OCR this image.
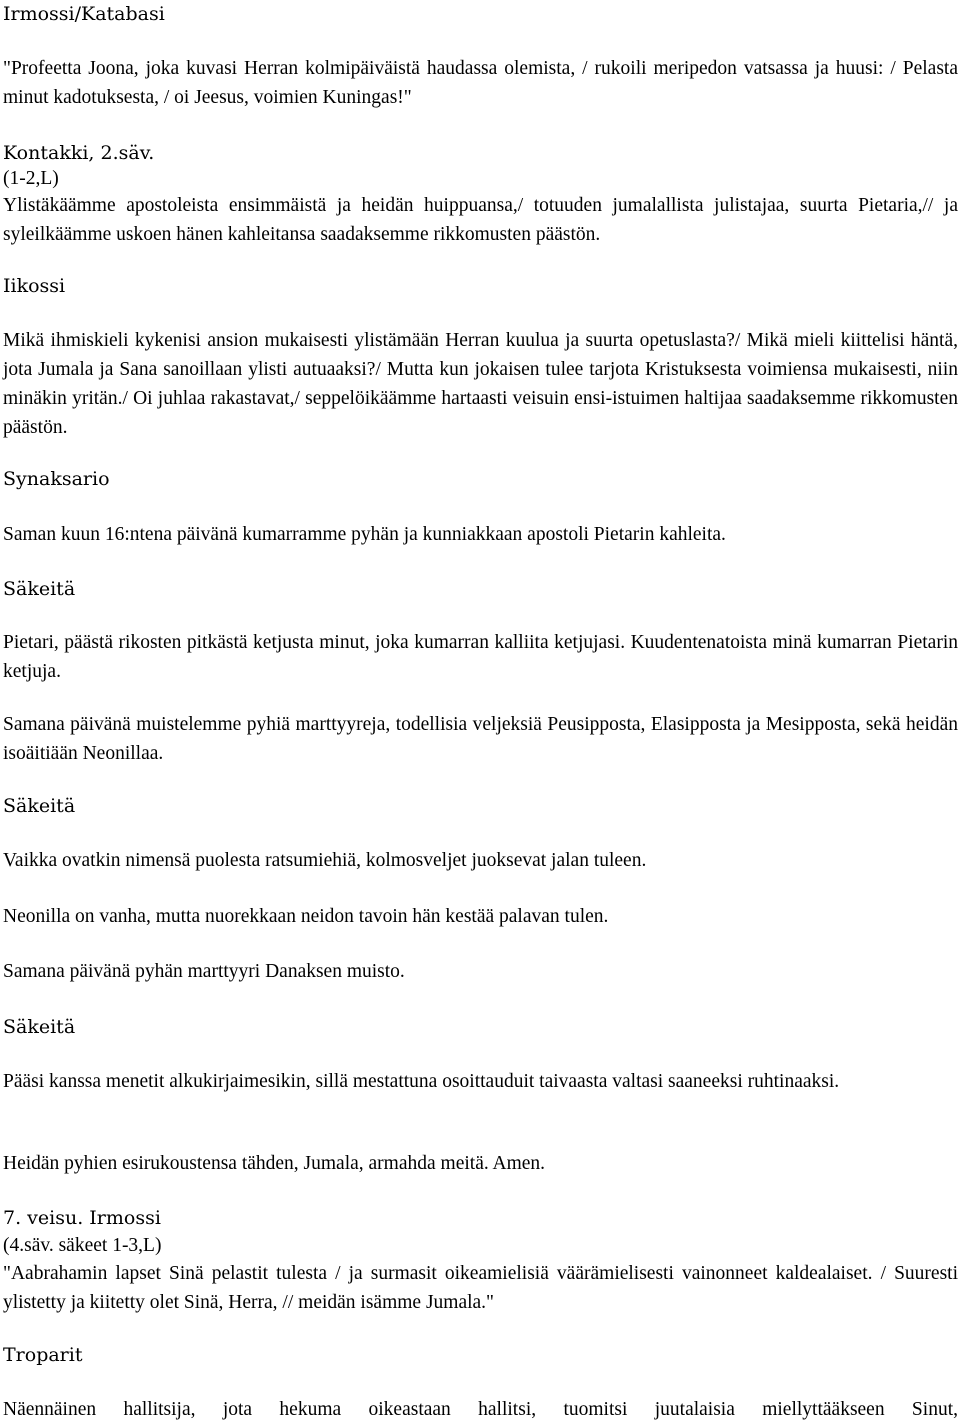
Irmossi/Katabasi
"Profeetta Joona, joka kuvasi Herran kolmipäiväistä haudassa olemista, / rukoili meripedon vatsassa ja huusi: / Pelasta minut kadotuksesta, / oi Jeesus, voimien Kuningas!"
Kontakki, 2.säv.
(1-2,L)
Ylistäkäämme apostoleista ensimmäistä ja heidän huippuansa,/ totuuden jumalallista julistajaa, suurta Pietaria,// ja syleilkäämme uskoen hänen kahleitansa saadaksemme rikkomusten päästön.
Iikossi
Mikä ihmiskieli kykenisi ansion mukaisesti ylistämään Herran kuulua ja suurta opetuslasta?/ Mikä mieli kiittelisi häntä, jota Jumala ja Sana sanoillaan ylisti autuaaksi?/ Mutta kun jokaisen tulee tarjota Kristuksesta voimiensa mukaisesti, niin minäkin yritän./ Oi juhlaa rakastavat,/ seppelöikäämme hartaasti veisuin ensi-istuimen haltijaa saadaksemme rikkomusten päästön.
Synaksario
Saman kuun 16:ntena päivänä kumarramme pyhän ja kunniakkaan apostoli Pietarin kahleita.
Säkeitä
Pietari, päästä rikosten pitkästä ketjusta minut, joka kumarran kalliita ketjujasi. Kuudentenatoista minä kumarran Pietarin ketjuja.
Samana päivänä muistelemme pyhiä marttyyreja, todellisia veljeksiä Peusipposta, Elasipposta ja Mesipposta, sekä heidän isoäitiään Neonillaa.
Säkeitä
Vaikka ovatkin nimensä puolesta ratsumiehiä, kolmosveljet juoksevat jalan tuleen.
Neonilla on vanha, mutta nuorekkaan neidon tavoin hän kestää palavan tulen.
Samana päivänä pyhän marttyyri Danaksen muisto.
Säkeitä
Pääsi kanssa menetit alkukirjaimesikin, sillä mestattuna osoittauduit taivaasta valtasi saaneeksi ruhtinaaksi.
Heidän pyhien esirukoustensa tähden, Jumala, armahda meitä. Amen.
7. veisu. Irmossi
(4.säv. säkeet 1-3,L)
"Aabrahamin lapset Sinä pelastit tulesta / ja surmasit oikeamielisiä väärämielisesti vainonneet kaldealaiset. / Suuresti ylistetty ja kiitetty olet Sinä, Herra, // meidän isämme Jumala."
Troparit
Näennäinen hallitsija, jota hekuma oikeastaan hallitsi, tuomitsi juutalaisia miellyttääkseen Sinut,
